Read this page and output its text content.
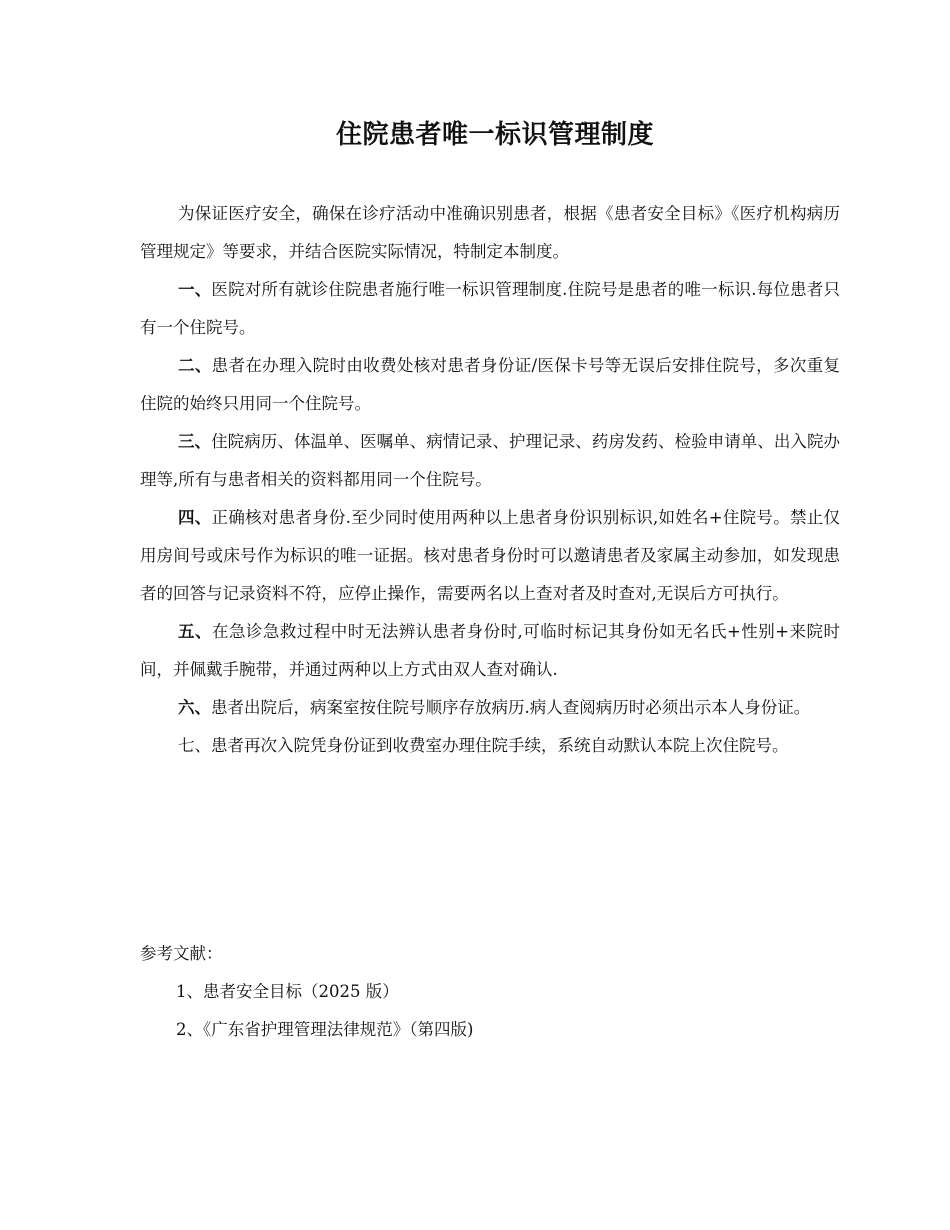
住院患者唯一标识管理制度

为保证医疗安全，确保在诊疗活动中准确识别患者，根据《患者安全目标》《医疗机构病历管理规定》等要求，并结合医院实际情况，特制定本制度。

一、医院对所有就诊住院患者施行唯一标识管理制度.住院号是患者的唯一标识.每位患者只有一个住院号。

二、患者在办理入院时由收费处核对患者身份证/医保卡号等无误后安排住院号，多次重复住院的始终只用同一个住院号。

三、住院病历、体温单、医嘱单、病情记录、护理记录、药房发药、检验申请单、出入院办理等,所有与患者相关的资料都用同一个住院号。

四、正确核对患者身份.至少同时使用两种以上患者身份识别标识,如姓名+住院号。禁止仅用房间号或床号作为标识的唯一证据。核对患者身份时可以邀请患者及家属主动参加，如发现患者的回答与记录资料不符，应停止操作，需要两名以上查对者及时查对,无误后方可执行。

五、在急诊急救过程中时无法辨认患者身份时,可临时标记其身份如无名氏+性别+来院时间，并佩戴手腕带，并通过两种以上方式由双人查对确认.

六、患者出院后，病案室按住院号顺序存放病历.病人查阅病历时必须出示本人身份证。

七、患者再次入院凭身份证到收费室办理住院手续，系统自动默认本院上次住院号。

参考文献：

1、患者安全目标（2025 版）

2、《广东省护理管理法律规范》（第四版)
